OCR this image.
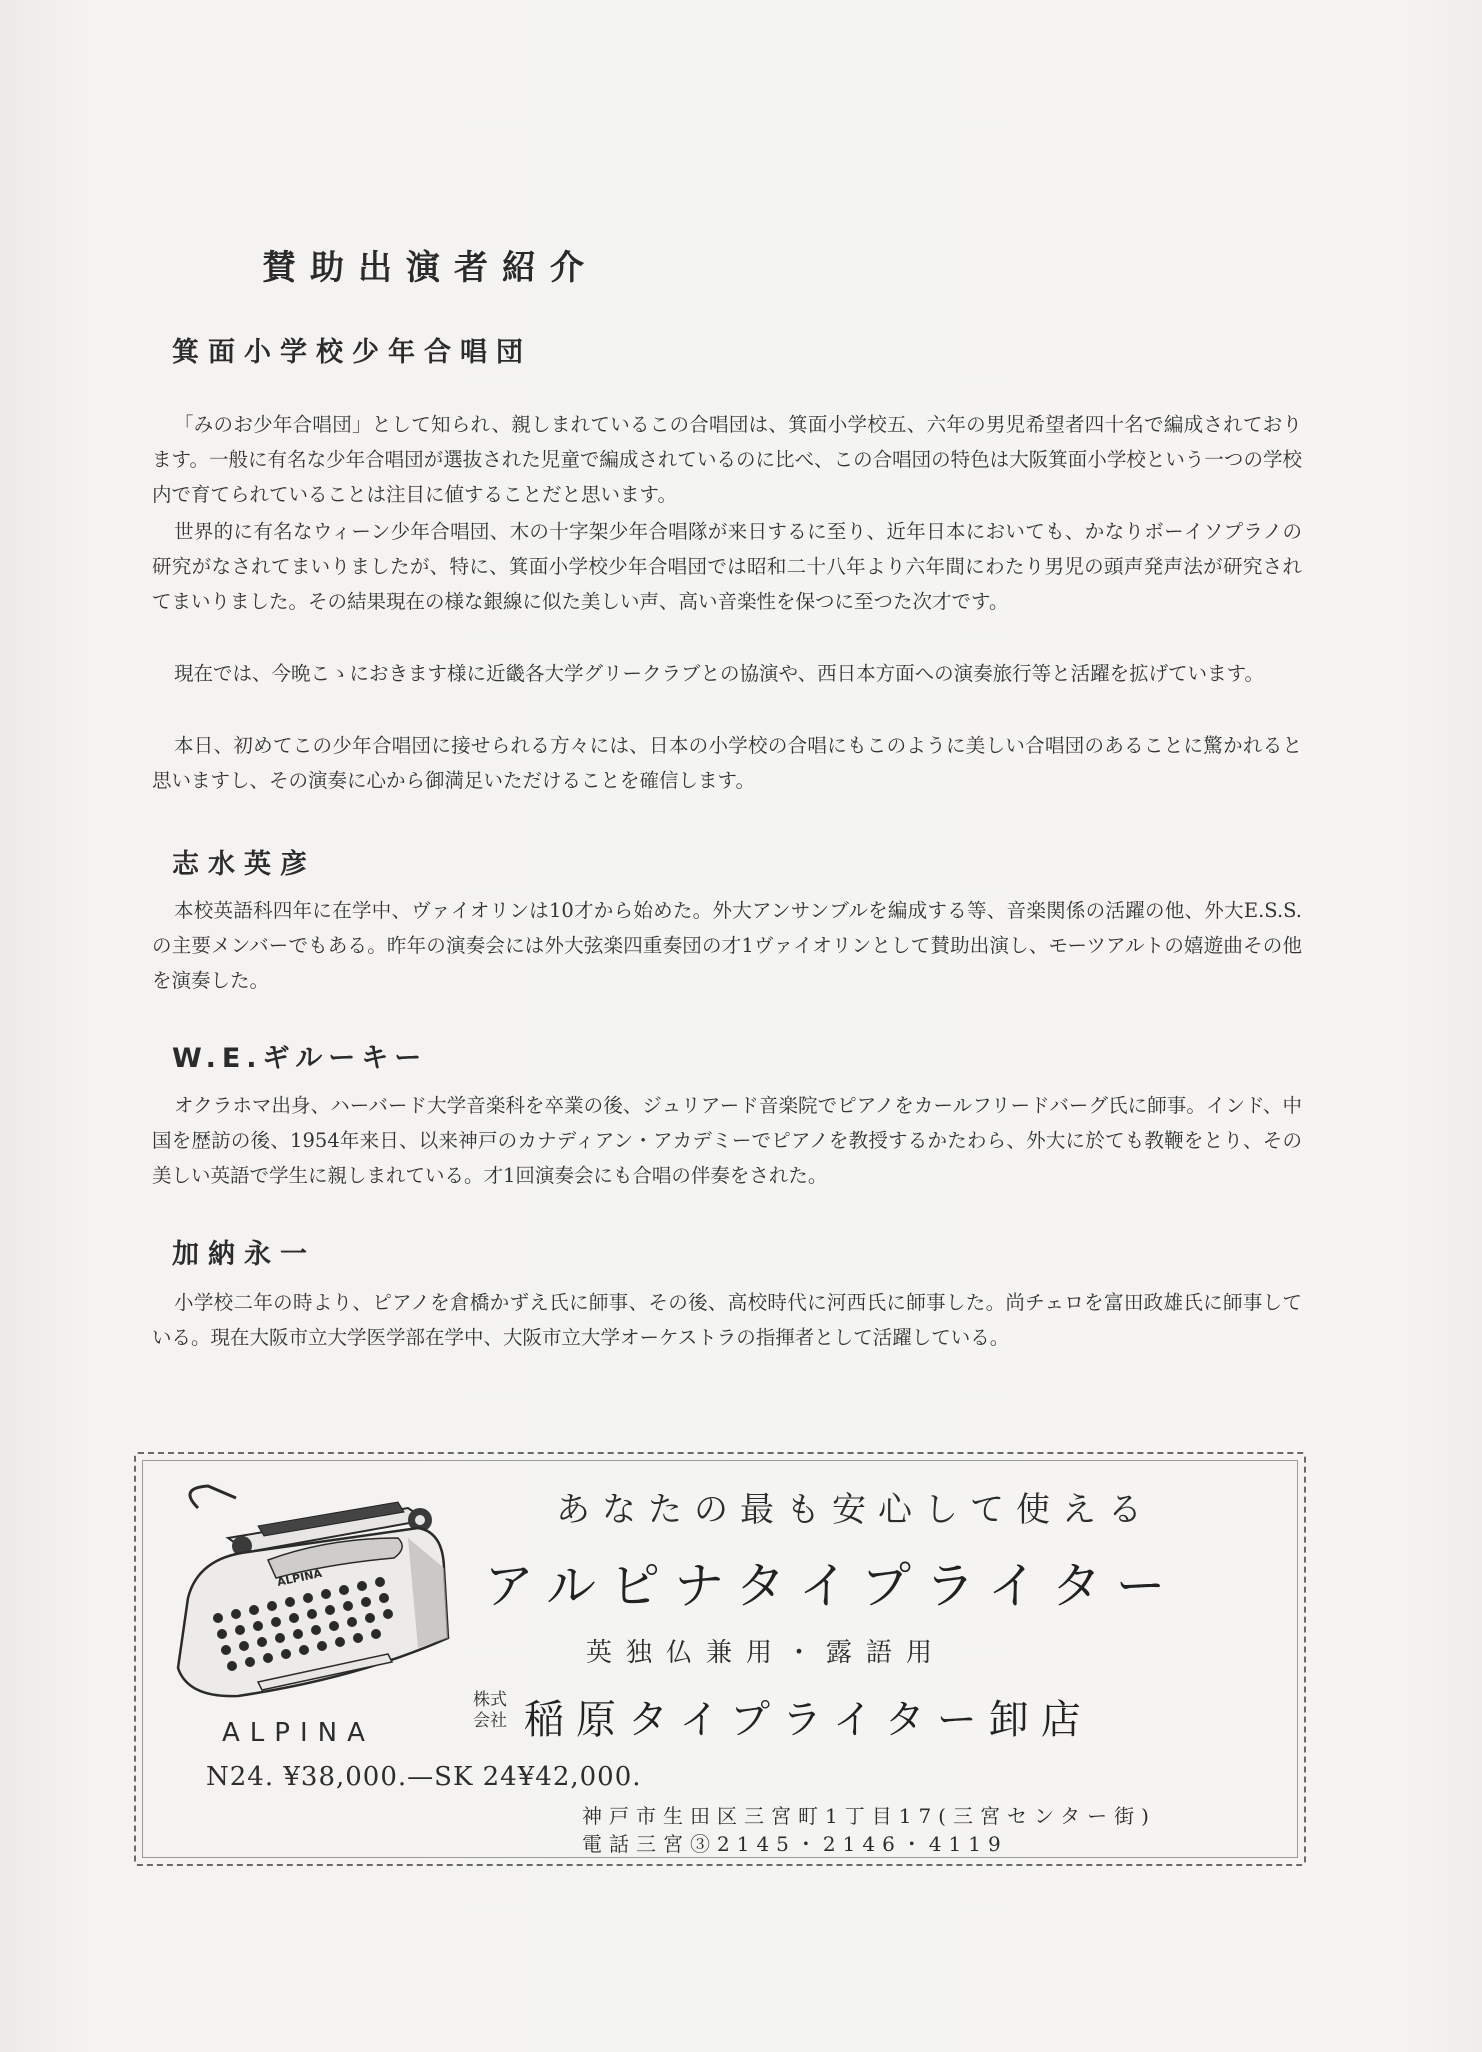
賛助出演者紹介
箕面小学校少年合唱団

「みのお少年合唱団」として知られ、親しまれているこの合唱団は、箕面小学校五、六年の男児希望者四十名で編成されております。一般に有名な少年合唱団が選抜された児童で編成されているのに比べ、この合唱団の特色は大阪箕面小学校という一つの学校内で育てられていることは注目に値することだと思います。

世界的に有名なウィーン少年合唱団、木の十字架少年合唱隊が来日するに至り、近年日本においても、かなりボーイソプラノの研究がなされてまいりましたが、特に、箕面小学校少年合唱団では昭和二十八年より六年間にわたり男児の頭声発声法が研究されてまいりました。その結果現在の様な銀線に似た美しい声、高い音楽性を保つに至つた次才です。

現在では、今晩こゝにおきます様に近畿各大学グリークラブとの協演や、西日本方面への演奏旅行等と活躍を拡げています。

本日、初めてこの少年合唱団に接せられる方々には、日本の小学校の合唱にもこのように美しい合唱団のあることに驚かれると思いますし、その演奏に心から御満足いただけることを確信します。

志水英彦

本校英語科四年に在学中、ヴァイオリンは10才から始めた。外大アンサンブルを編成する等、音楽関係の活躍の他、外大E.S.S.の主要メンバーでもある。昨年の演奏会には外大弦楽四重奏団の才1ヴァイオリンとして賛助出演し、モーツアルトの嬉遊曲その他を演奏した。

W.E.ギルーキー

オクラホマ出身、ハーバード大学音楽科を卒業の後、ジュリアード音楽院でピアノをカールフリードバーグ氏に師事。インド、中国を歴訪の後、1954年来日、以来神戸のカナディアン・アカデミーでピアノを教授するかたわら、外大に於ても教鞭をとり、その美しい英語で学生に親しまれている。才1回演奏会にも合唱の伴奏をされた。

加納永一

小学校二年の時より、ピアノを倉橋かずえ氏に師事、その後、高校時代に河西氏に師事した。尚チェロを富田政雄氏に師事している。現在大阪市立大学医学部在学中、大阪市立大学オーケストラの指揮者として活躍している。

ALPINA
ALPINA
N24. ¥38,000.—SK 24¥42,000.
あなたの最も安心して使える
アルピナタイプライター
英独仏兼用・露語用
株式会社 稲原タイプライター卸店
神戸市生田区三宮町1丁目17(三宮センター街)
電話三宮③2145・2146・4119
